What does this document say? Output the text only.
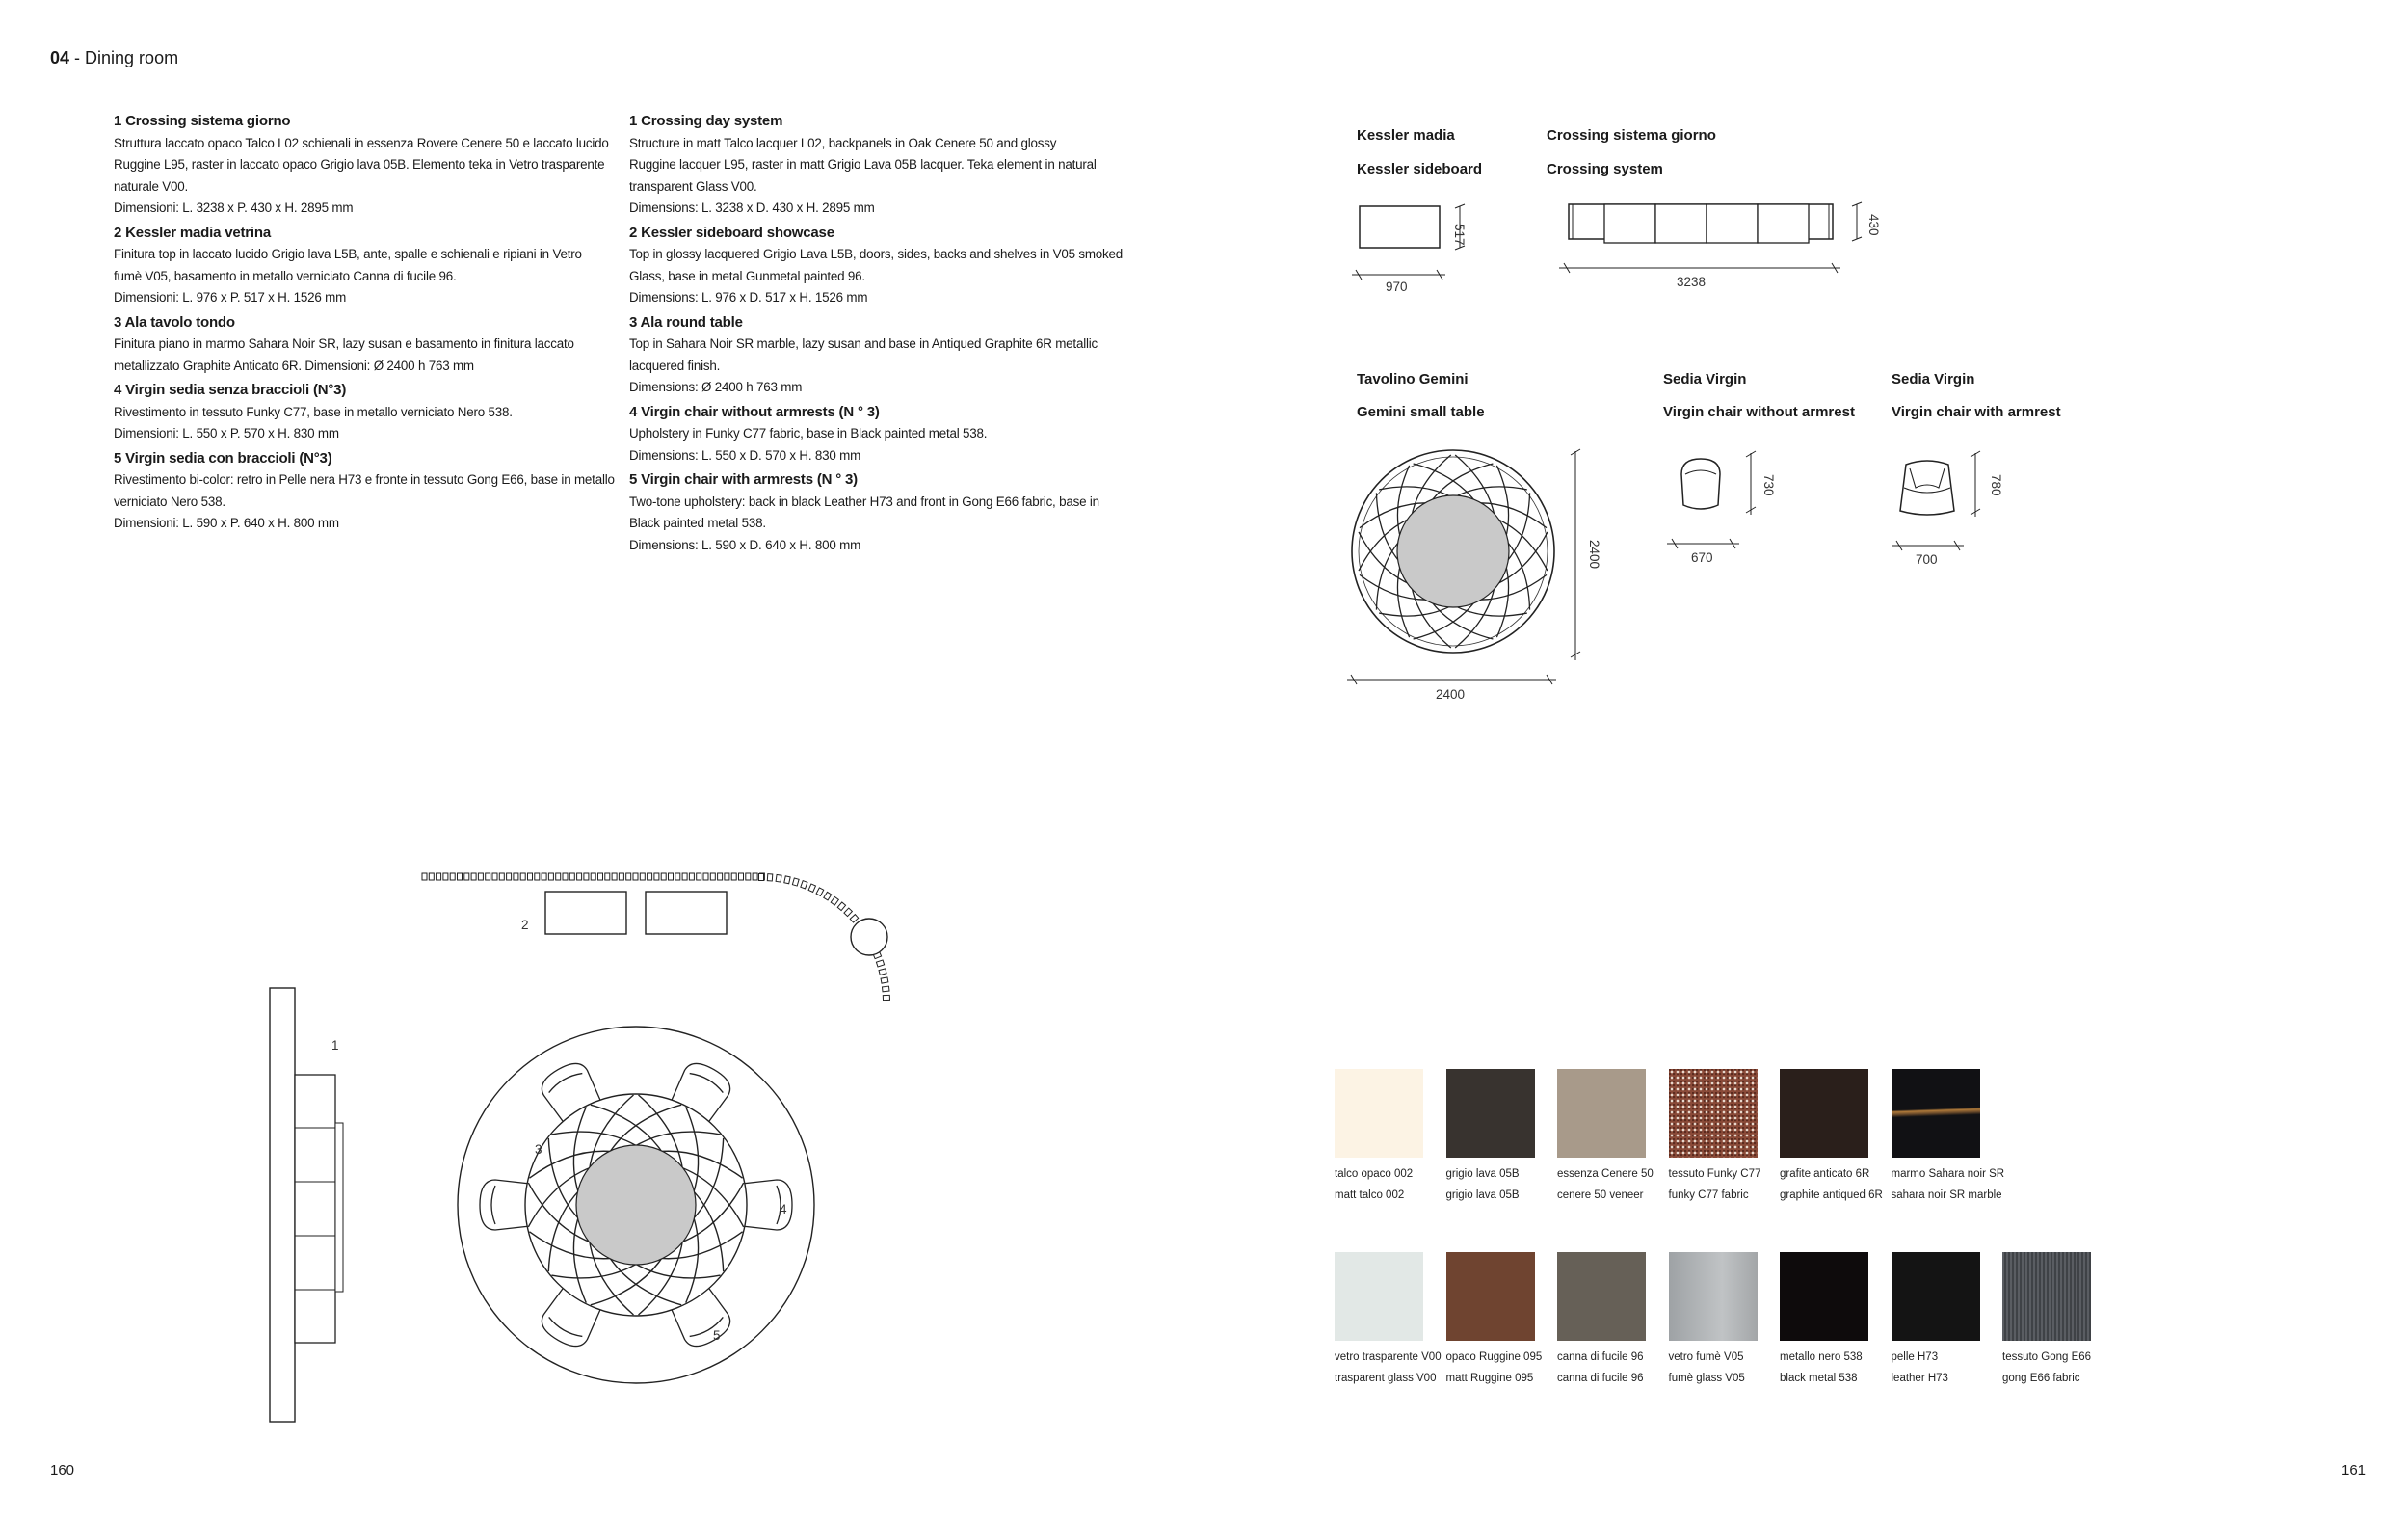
04 - Dining room

1 Crossing sistema giorno

Struttura laccato opaco Talco L02 schienali in essenza Rovere Cenere 50 e laccato lucido

Ruggine L95, raster in laccato opaco Grigio lava 05B. Elemento teka in Vetro trasparente

naturale V00.

Dimensioni: L. 3238 x P. 430 x H. 2895 mm

2 Kessler madia vetrina

Finitura top in laccato lucido Grigio lava L5B, ante, spalle e schienali e ripiani in Vetro

fumè V05, basamento in metallo verniciato Canna di fucile 96.

Dimensioni: L. 976 x P. 517 x H. 1526 mm

3 Ala tavolo tondo

Finitura piano in marmo Sahara Noir SR, lazy susan e basamento in finitura laccato

metallizzato Graphite Anticato 6R. Dimensioni: Ø 2400 h 763 mm

4 Virgin sedia senza braccioli (N°3)

Rivestimento in tessuto Funky C77, base in metallo verniciato Nero 538.

Dimensioni: L. 550 x P. 570 x H. 830 mm

5 Virgin sedia con braccioli (N°3)

Rivestimento bi-color: retro in Pelle nera H73 e fronte in tessuto Gong E66, base in metallo

verniciato Nero 538.

Dimensioni: L. 590 x P. 640 x H. 800 mm

1 Crossing day system

Structure in matt Talco lacquer L02, backpanels in Oak Cenere 50 and glossy

Ruggine lacquer L95, raster in matt Grigio Lava 05B lacquer. Teka element in natural

transparent Glass V00.

Dimensions: L. 3238 x D. 430 x H. 2895 mm

2 Kessler sideboard showcase

Top in glossy lacquered Grigio Lava L5B, doors, sides, backs and shelves in V05 smoked

Glass, base in metal Gunmetal painted 96.

Dimensions: L. 976 x D. 517 x H. 1526 mm

3 Ala round table

Top in Sahara Noir SR marble, lazy susan and base in Antiqued Graphite 6R metallic

lacquered finish.

Dimensions: Ø 2400 h 763 mm

4 Virgin chair without armrests (N ° 3)

Upholstery in Funky C77 fabric, base in Black painted metal 538.

Dimensions: L. 550 x D. 570 x H. 830 mm

5 Virgin chair with armrests (N ° 3)

Two-tone upholstery: back in black Leather H73 and front in Gong E66 fabric, base in

Black painted metal 538.

Dimensions: L. 590 x D. 640 x H. 800 mm

Kessler madia
Kessler sideboard
Crossing sistema giorno
Crossing system
Tavolino Gemini
Gemini small table
Sedia Virgin
Virgin chair without armrest
Sedia Virgin
Virgin chair with armrest
970
517
3238
430
2400
2400	670
730
700
780
1
2
3
4
5
talco opaco 002
matt talco 002
grigio lava 05B
grigio lava 05B
essenza Cenere 50
cenere 50 veneer
tessuto Funky C77
funky C77 fabric
grafite anticato 6R
graphite antiqued 6R
marmo Sahara noir SR
sahara noir SR marble
vetro trasparente V00
trasparent glass V00
opaco Ruggine 095
matt Ruggine 095
canna di fucile 96
canna di fucile 96
vetro fumè V05
fumè glass V05
metallo nero 538
black metal 538
pelle H73
leather H73
tessuto Gong E66
gong E66 fabric
160	161
